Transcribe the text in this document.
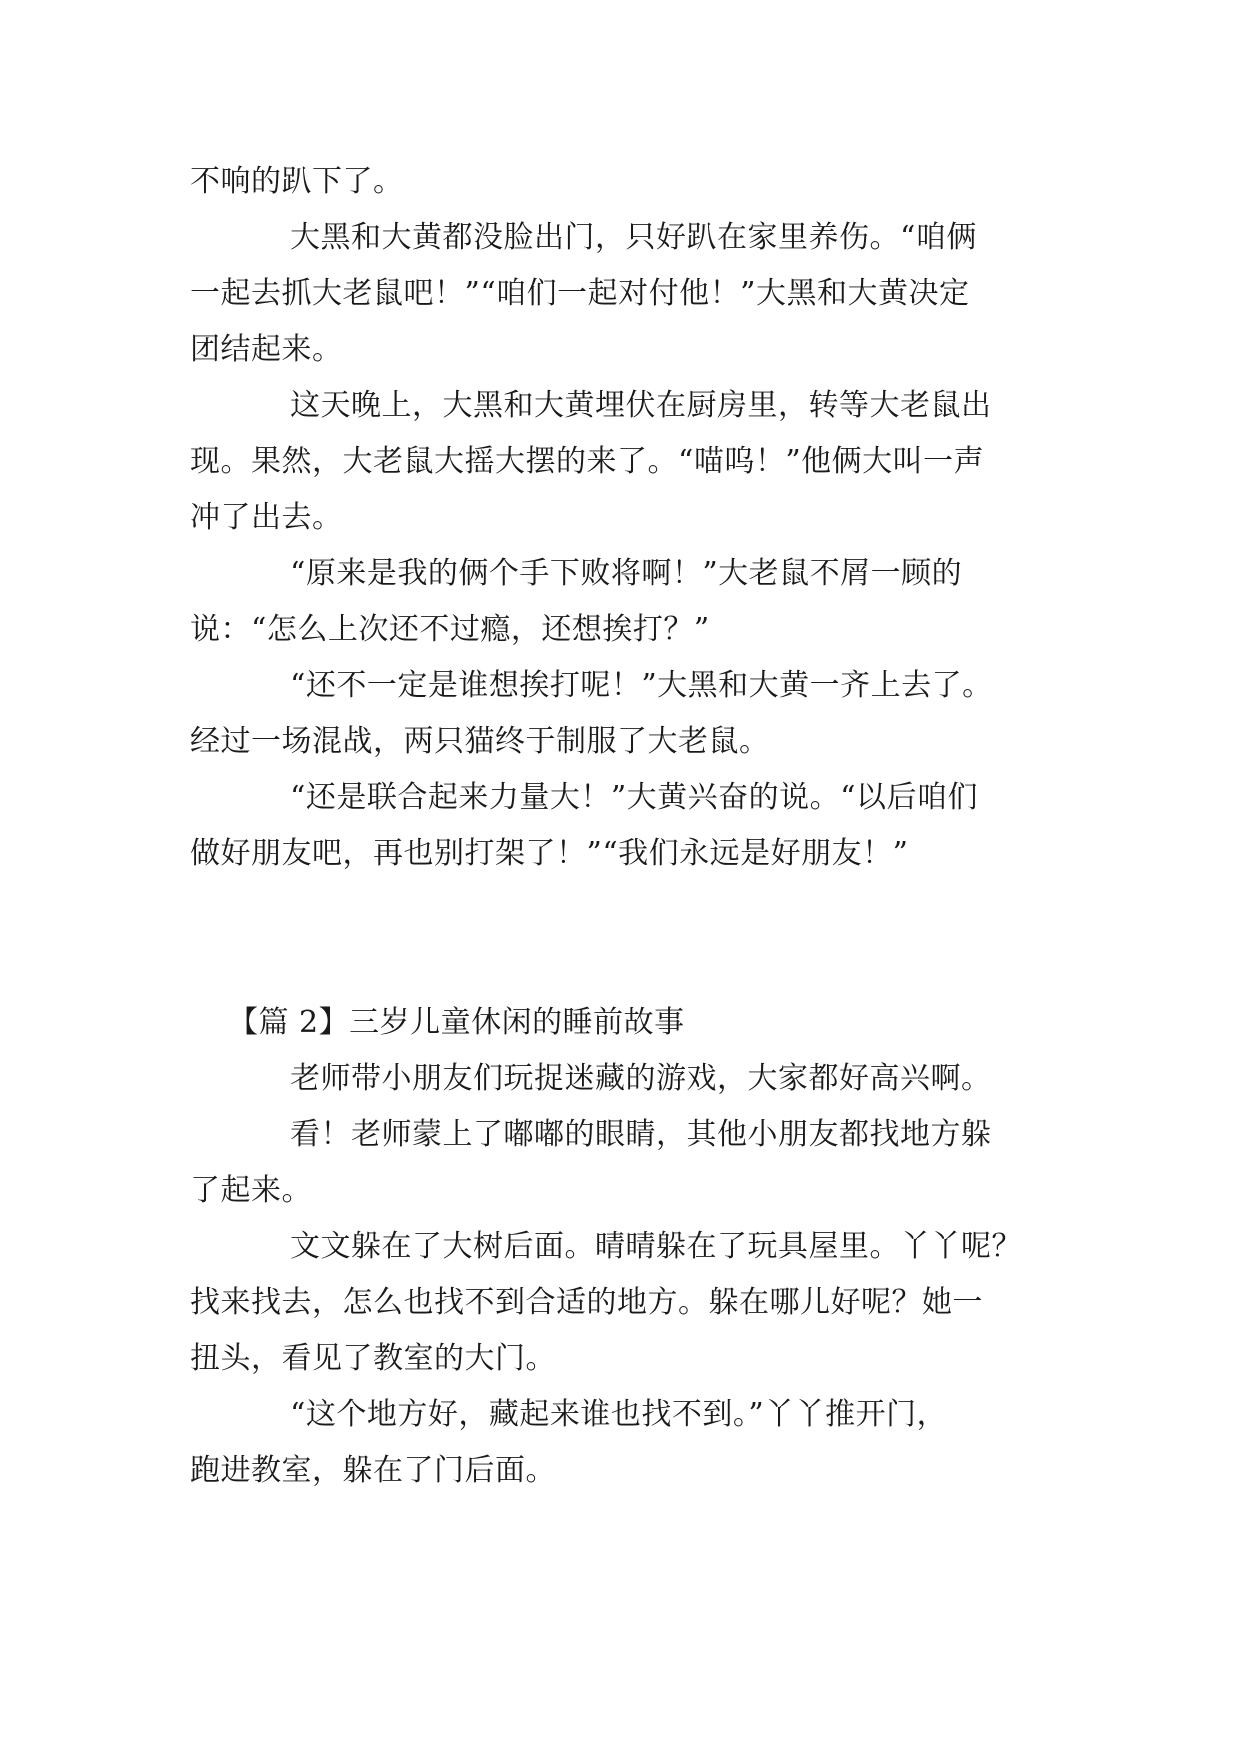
不响的趴下了。
大黑和大黄都没脸出门，只好趴在家里养伤。“咱俩
一起去抓大老鼠吧！”“咱们一起对付他！”大黑和大黄决定
团结起来。
这天晚上，大黑和大黄埋伏在厨房里，转等大老鼠出
现。果然，大老鼠大摇大摆的来了。“喵呜！”他俩大叫一声
冲了出去。
“原来是我的俩个手下败将啊！”大老鼠不屑一顾的
说：“怎么上次还不过瘾，还想挨打？”
“还不一定是谁想挨打呢！”大黑和大黄一齐上去了。
经过一场混战，两只猫终于制服了大老鼠。
“还是联合起来力量大！”大黄兴奋的说。“以后咱们
做好朋友吧，再也别打架了！”“我们永远是好朋友！”
【篇 2】三岁儿童休闲的睡前故事
老师带小朋友们玩捉迷藏的游戏，大家都好高兴啊。
看！老师蒙上了嘟嘟的眼睛，其他小朋友都找地方躲
了起来。
文文躲在了大树后面。晴晴躲在了玩具屋里。丫丫呢？
找来找去，怎么也找不到合适的地方。躲在哪儿好呢？她一
扭头，看见了教室的大门。
“这个地方好，藏起来谁也找不到。”丫丫推开门，
跑进教室，躲在了门后面。
